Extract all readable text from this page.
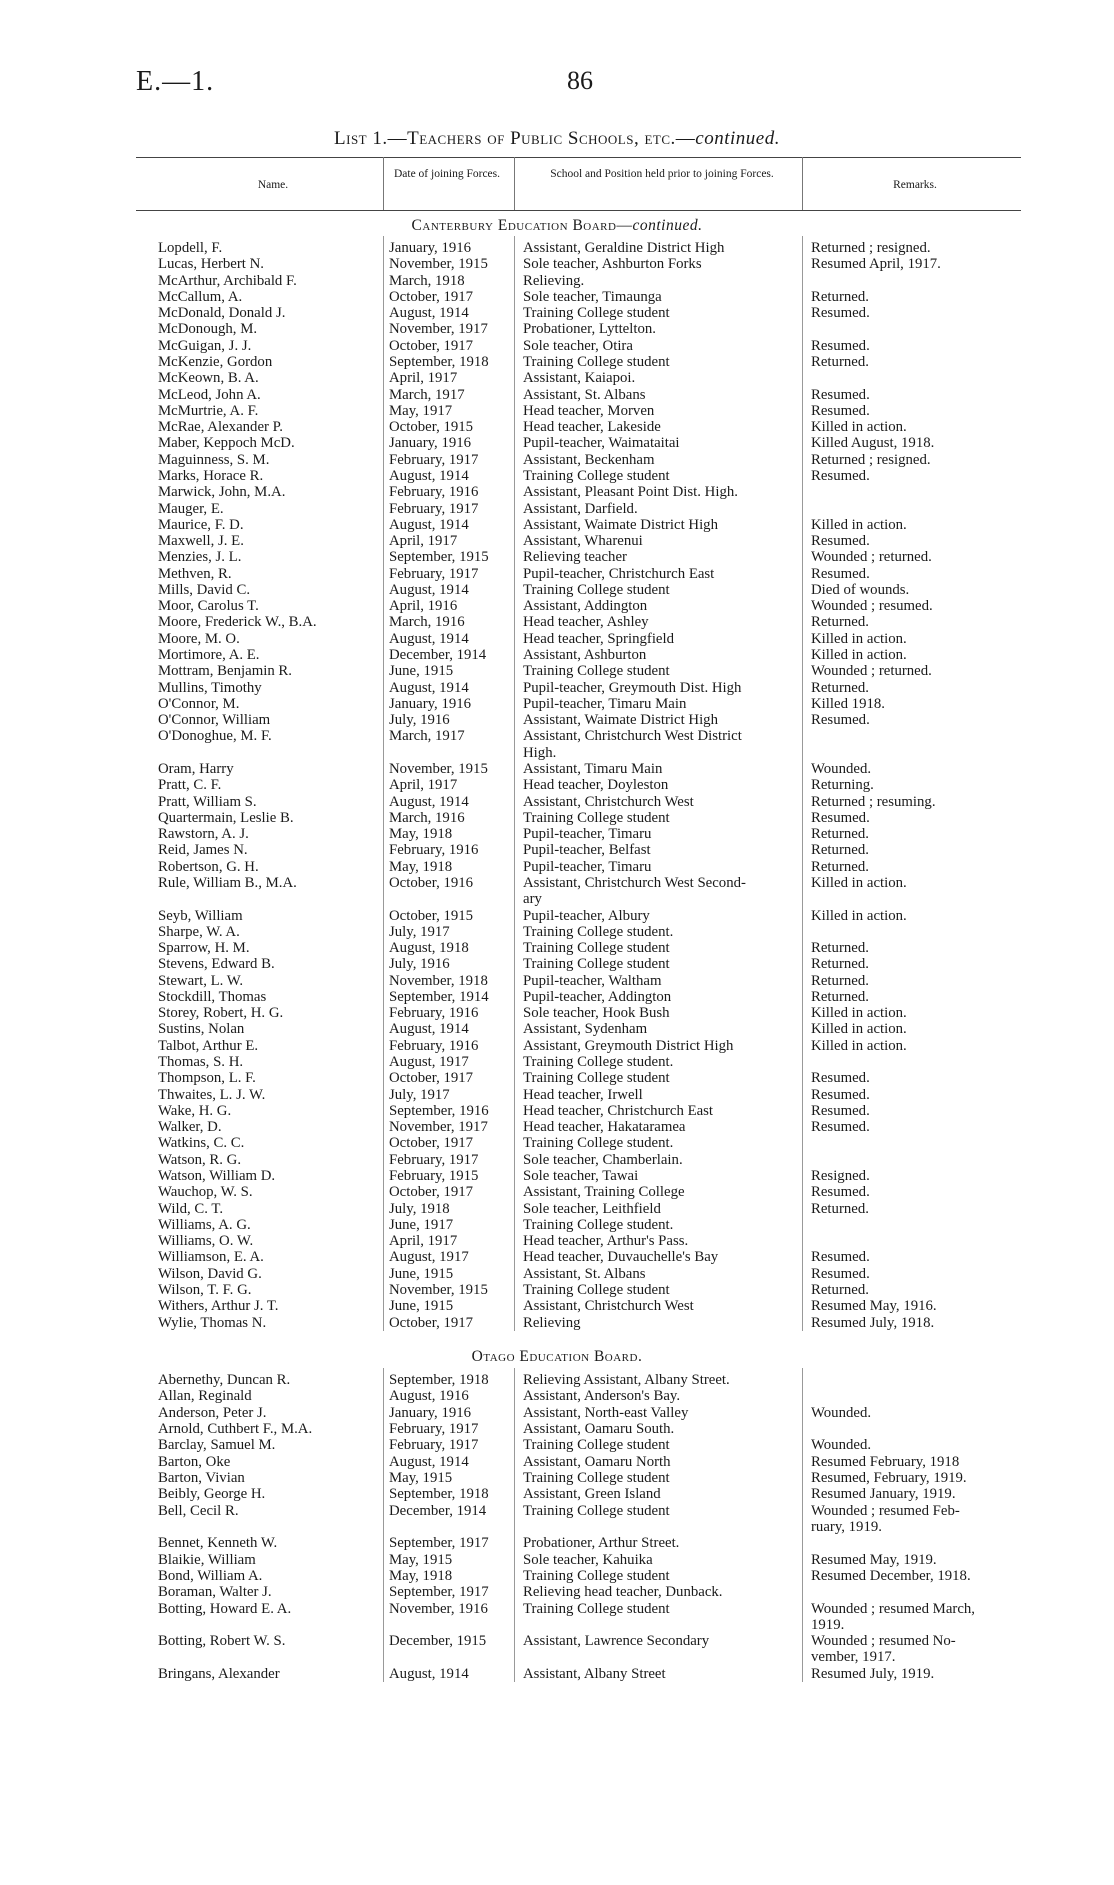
E.—1.	86
List 1.—Teachers of Public Schools, etc.—continued.
Name.
Date of joining Forces.	School and Position held prior to joining Forces.
Remarks.
Canterbury Education Board—continued.
Lopdell, F.	January, 1916	Assistant, Geraldine District High	Returned ; resigned.
Lucas, Herbert N.	November, 1915 Sole teacher, Ashburton Forks	Resumed April, 1917.
McArthur, Archibald F.	March, 1918	Relieving.
McCallum, A.	October, 1917	Sole teacher, Timaunga	Returned.
McDonald, Donald J.	August, 1914	Training College student	Resumed.
McDonough, M.	November, 1917 Probationer, Lyttelton.
McGuigan, J. J.	October, 1917	Sole teacher, Otira	Resumed.
McKenzie, Gordon	September, 1918 Training College student	Returned.
McKeown, B. A.	April, 1917	Assistant, Kaiapoi.
McLeod, John A.	March, 1917	Assistant, St. Albans	Resumed.
McMurtrie, A. F.	May, 1917	Head teacher, Morven	Resumed.
McRae, Alexander P.	October, 1915	Head teacher, Lakeside	Killed in action.
Maber, Keppoch McD.	January, 1916	Pupil-teacher, Waimataitai	Killed August, 1918.
Maguinness, S. M.	February, 1917	Assistant, Beckenham	Returned ; resigned.
Marks, Horace R.	August, 1914	Training College student	Resumed.
Marwick, John, M.A.	February, 1916	Assistant, Pleasant Point Dist. High.
Mauger, E.	February, 1917	Assistant, Darfield.
Maurice, F. D.	August, 1914	Assistant, Waimate District High	Killed in action.
Maxwell, J. E.	April, 1917	Assistant, Wharenui	Resumed.
Menzies, J. L.	September, 1915 Relieving teacher	Wounded ; returned.
Methven, R.	February, 1917	Pupil-teacher, Christchurch East	Resumed.
Mills, David C.	August, 1914	Training College student	Died of wounds.
Moor, Carolus T.	April, 1916	Assistant, Addington	Wounded ; resumed.
Moore, Frederick W., B.A.	March, 1916	Head teacher, Ashley	Returned.
Moore, M. O.	August, 1914	Head teacher, Springfield	Killed in action.
Mortimore, A. E.	December, 1914 Assistant, Ashburton	Killed in action.
Mottram, Benjamin R.	June, 1915	Training College student	Wounded ; returned.
Mullins, Timothy	August, 1914	Pupil-teacher, Greymouth Dist. High	Returned.
O'Connor, M.	January, 1916	Pupil-teacher, Timaru Main	Killed 1918.
O'Connor, William	July, 1916	Assistant, Waimate District High	Resumed.
O'Donoghue, M. F.	March, 1917	Assistant, Christchurch West District
High.
Oram, Harry	November, 1915 Assistant, Timaru Main	Wounded.
Pratt, C. F.	April, 1917	Head teacher, Doyleston	Returning.
Pratt, William S.	August, 1914	Assistant, Christchurch West	Returned ; resuming.
Quartermain, Leslie B.	March, 1916	Training College student	Resumed.
Rawstorn, A. J.	May, 1918	Pupil-teacher, Timaru	Returned.
Reid, James N.	February, 1916	Pupil-teacher, Belfast	Returned.
Robertson, G. H.	May, 1918	Pupil-teacher, Timaru	Returned.
Rule, William B., M.A.	October, 1916	Assistant, Christchurch West Second-	Killed in action.
ary
Seyb, William	October, 1915	Pupil-teacher, Albury	Killed in action.
Sharpe, W. A.	July, 1917	Training College student.
Sparrow, H. M.	August, 1918	Training College student	Returned.
Stevens, Edward B.	July, 1916	Training College student	Returned.
Stewart, L. W.	November, 1918 Pupil-teacher, Waltham	Returned.
Stockdill, Thomas	September, 1914 Pupil-teacher, Addington	Returned.
Storey, Robert, H. G.	February, 1916	Sole teacher, Hook Bush	Killed in action.
Sustins, Nolan	August, 1914	Assistant, Sydenham	Killed in action.
Talbot, Arthur E.	February, 1916	Assistant, Greymouth District High	Killed in action.
Thomas, S. H.	August, 1917	Training College student.
Thompson, L. F.	October, 1917	Training College student	Resumed.
Thwaites, L. J. W.	July, 1917	Head teacher, Irwell	Resumed.
Wake, H. G.	September, 1916 Head teacher, Christchurch East	Resumed.
Walker, D.	November, 1917 Head teacher, Hakataramea	Resumed.
Watkins, C. C.	October, 1917	Training College student.
Watson, R. G.	February, 1917	Sole teacher, Chamberlain.
Watson, William D.	February, 1915	Sole teacher, Tawai	Resigned.
Wauchop, W. S.	October, 1917	Assistant, Training College	Resumed.
Wild, C. T.	July, 1918	Sole teacher, Leithfield	Returned.
Williams, A. G.	June, 1917	Training College student.
Williams, O. W.	April, 1917	Head teacher, Arthur's Pass.
Williamson, E. A.	August, 1917	Head teacher, Duvauchelle's Bay	Resumed.
Wilson, David G.	June, 1915	Assistant, St. Albans	Resumed.
Wilson, T. F. G.	November, 1915 Training College student	Returned.
Withers, Arthur J. T.	June, 1915	Assistant, Christchurch West	Resumed May, 1916.
Wylie, Thomas N.	October, 1917	Relieving	Resumed July, 1918.
Otago Education Board.
Abernethy, Duncan R.	September, 1918 Relieving Assistant, Albany Street.
Allan, Reginald	August, 1916	Assistant, Anderson's Bay.
Anderson, Peter J.	January, 1916	Assistant, North-east Valley	Wounded.
Arnold, Cuthbert F., M.A.	February, 1917	Assistant, Oamaru South.
Barclay, Samuel M.	February, 1917	Training College student	Wounded.
Barton, Oke	August, 1914	Assistant, Oamaru North	Resumed February, 1918
Barton, Vivian	May, 1915	Training College student	Resumed, February, 1919.
Beibly, George H.	September, 1918 Assistant, Green Island	Resumed January, 1919.
Bell, Cecil R.	December, 1914 Training College student	Wounded ; resumed Feb-
ruary, 1919.
Bennet, Kenneth W.	September, 1917 Probationer, Arthur Street.
Blaikie, William	May, 1915	Sole teacher, Kahuika	Resumed May, 1919.
Bond, William A.	May, 1918	Training College student	Resumed December, 1918.
Boraman, Walter J.	September, 1917 Relieving head teacher, Dunback.
Botting, Howard E. A.	November, 1916 Training College student	Wounded ; resumed March,
1919.
Botting, Robert W. S.	December, 1915 Assistant, Lawrence Secondary	Wounded ; resumed No-
vember, 1917.
Bringans, Alexander	August, 1914	Assistant, Albany Street	Resumed July, 1919.
